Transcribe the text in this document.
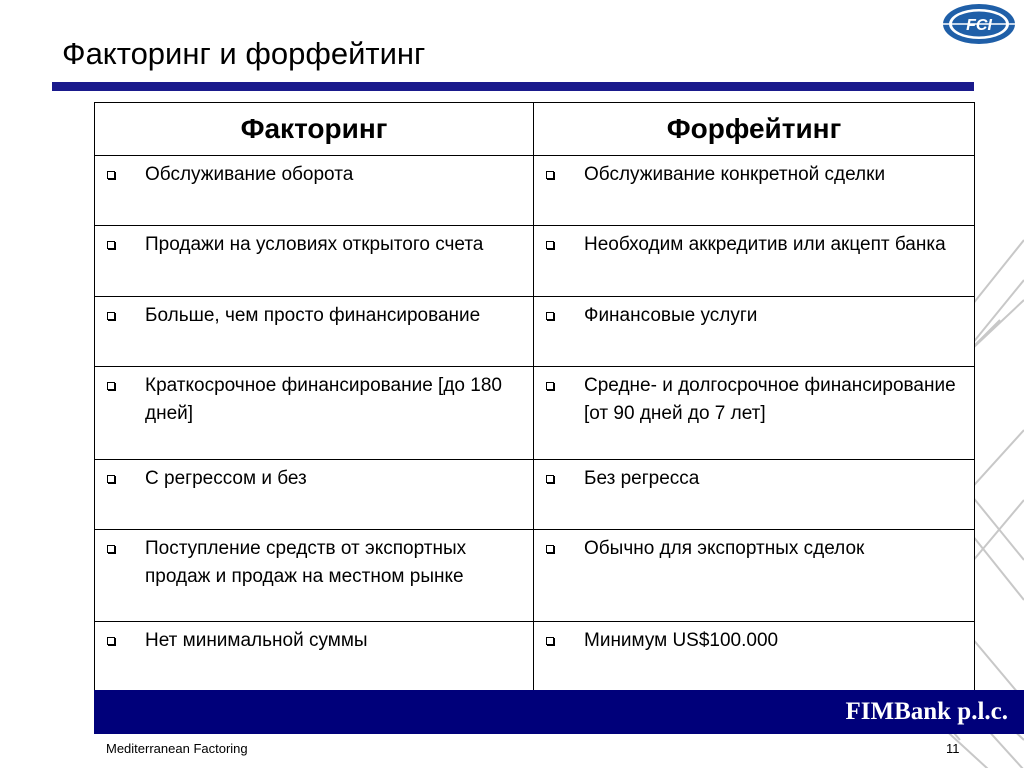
Факторинг и форфейтинг
FCI
Факторинг	Форфейтинг

Обслуживание оборота	Обслуживание конкретной сделки

Продажи на условиях открытого счета	Необходим аккредитив или акцепт банка

Больше, чем просто финансирование	Финансовые услуги

Краткосрочное финансирование [до 180 дней]	Средне- и долгосрочное финансирование [от 90 дней до 7 лет]

С регрессом и без	Без регресса

Поступление средств от экспортных продаж и продаж на местном рынке	Обычно для экспортных сделок

Нет минимальной суммы	Минимум US$100.000
FIMBank p.l.c.
Mediterranean Factoring	11
